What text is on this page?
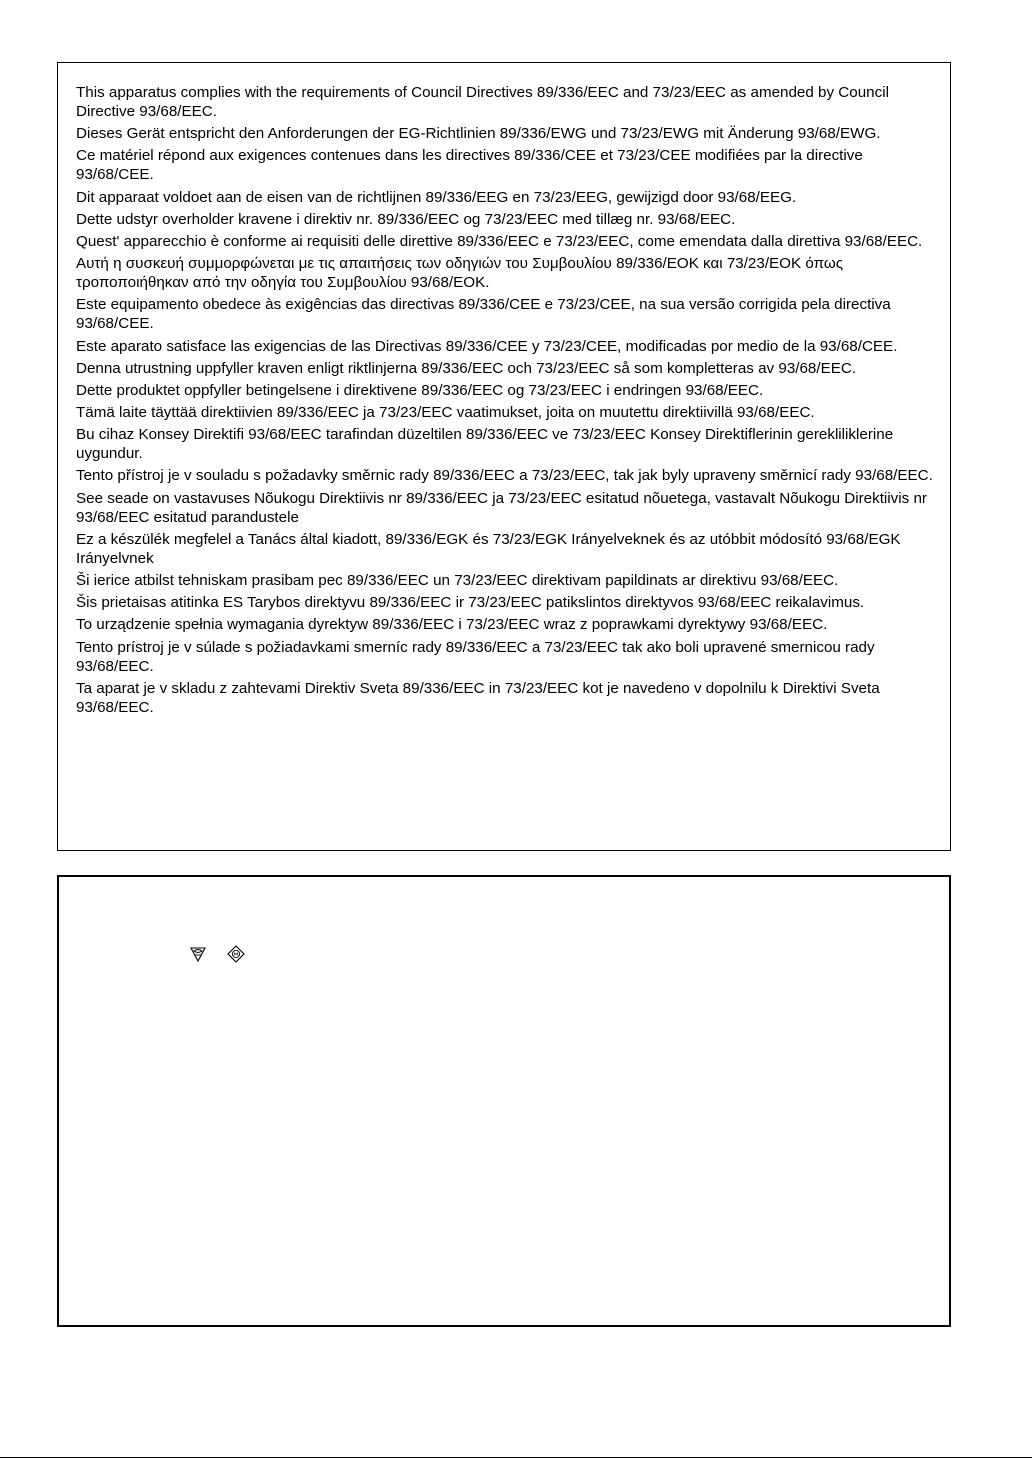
This apparatus complies with the requirements of Council Directives 89/336/EEC and 73/23/EEC as amended by Council Directive 93/68/EEC.

Dieses Gerät entspricht den Anforderungen der EG-Richtlinien 89/336/EWG und 73/23/EWG mit Änderung 93/68/EWG.

Ce matériel répond aux exigences contenues dans les directives 89/336/CEE et 73/23/CEE modifiées par la directive 93/68/CEE.

Dit apparaat voldoet aan de eisen van de richtlijnen 89/336/EEG en 73/23/EEG, gewijzigd door 93/68/EEG.

Dette udstyr overholder kravene i direktiv nr. 89/336/EEC og 73/23/EEC med tillæg nr. 93/68/EEC.

Quest' apparecchio è conforme ai requisiti delle direttive 89/336/EEC e 73/23/EEC, come emendata dalla direttiva 93/68/EEC.

Αυτή η συσκευή συμμορφώνεται με τις απαιτήσεις των οδηγιών του Συμβουλίου 89/336/ΕΟΚ και 73/23/ΕΟΚ όπως τροποποιήθηκαν από την οδηγία του Συμβουλίου 93/68/ΕΟΚ.

Este equipamento obedece às exigências das directivas 89/336/CEE e 73/23/CEE, na sua versão corrigida pela directiva 93/68/CEE.

Este aparato satisface las exigencias de las Directivas 89/336/CEE y 73/23/CEE, modificadas por medio de la 93/68/CEE.

Denna utrustning uppfyller kraven enligt riktlinjerna 89/336/EEC och 73/23/EEC så som kompletteras av 93/68/EEC.

Dette produktet oppfyller betingelsene i direktivene 89/336/EEC og 73/23/EEC i endringen 93/68/EEC.

Tämä laite täyttää direktiivien 89/336/EEC ja 73/23/EEC vaatimukset, joita on muutettu direktiivillä 93/68/EEC.

Bu cihaz Konsey Direktifi 93/68/EEC tarafindan düzeltilen 89/336/EEC ve 73/23/EEC Konsey Direktiflerinin gereklilikler​ine uygundur.

Tento přístroj je v souladu s požadavky směrnic rady 89/336/EEC a 73/23/EEC, tak jak byly upraveny směrnicí rady 93/68/EEC.

See seade on vastavuses Nõukogu Direktiivis nr 89/336/EEC ja 73/23/EEC esitatud nõuetega, vastavalt Nõukogu Direktiivis nr 93/68/EEC esitatud parandustele

Ez a készülék megfelel a Tanács által kiadott, 89/336/EGK és 73/23/EGK Irányelveknek és az utóbbit módosító 93/68/EGK Irányelvnek

Ši ierice atbilst tehniskam prasibam pec 89/336/EEC un 73/23/EEC direktivam papildinats ar direktivu 93/68/EEC.

Šis prietaisas atitinka ES Tarybos direktyvu 89/336/EEC ir 73/23/EEC patikslintos direktyvos 93/68/EEC reikalavimus.

To urządzenie spełnia wymagania dyrektyw 89/336/EEC i 73/23/EEC wraz z poprawkami dyrektywy 93/68/EEC.

Tento prístroj je v súlade s požiadavkami smerníc rady 89/336/EEC a 73/23/EEC tak ako boli upravené smernicou rady 93/68/EEC.

Ta aparat je v skladu z zahtevami Direktiv Sveta 89/336/EEC in 73/23/EEC kot je navedeno v dopolnilu k Direktivi Sveta 93/68/EEC.
